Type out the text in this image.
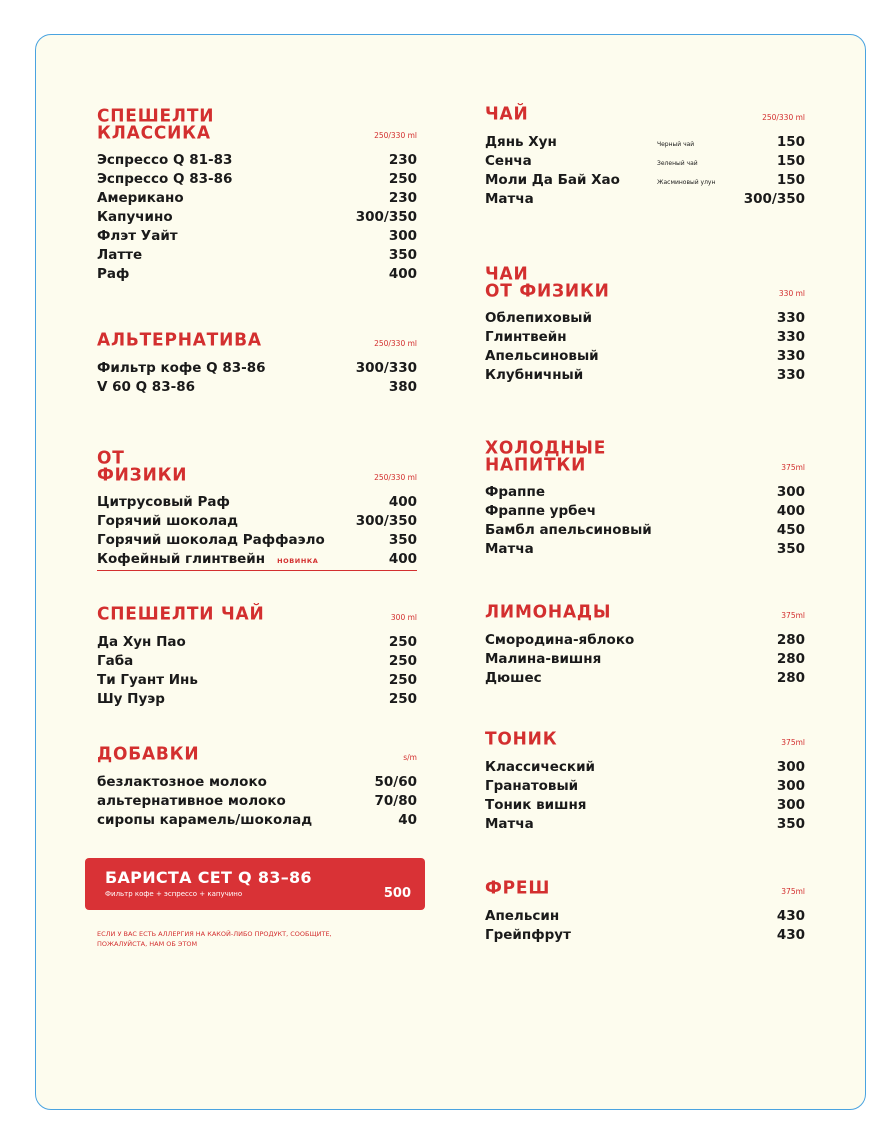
СПЕШЕЛТИ
КЛАССИКА	250/330 ml
Эспрессо Q 81-83	230
Эспрессо Q 83-86	250
Американо	230
Капучино	300/350
Флэт Уайт	300
Латте	350
Раф	400
АЛЬТЕРНАТИВА	250/330 ml
Фильтр кофе Q 83-86	300/330
V 60 Q 83-86	380
ОТ
ФИЗИКИ	250/330 ml
Цитрусовый Раф	400
Горячий шоколад	300/350
Горячий шоколад Раффаэло	350
Кофейный глинтвейн НОВИНКА	400
СПЕШЕЛТИ ЧАЙ	300 ml
Да Хун Пао	250
Габа	250
Ти Гуант Инь	250
Шу Пуэр	250
ДОБАВКИ	s/m
безлактозное молоко	50/60
альтернативное молоко	70/80
сиропы карамель/шоколад	40
ЧАЙ	250/330 ml
Дянь Хун	Черный чай	150
Сенча	Зеленый чай	150
Моли Да Бай Хао	Жасминовый улун	150
Матча	300/350
ЧАИ
ОТ ФИЗИКИ	330 ml
Облепиховый	330
Глинтвейн	330
Апельсиновый	330
Клубничный	330
ХОЛОДНЫЕ
НАПИТКИ	375ml
Фраппе	300
Фраппе урбеч	400
Бамбл апельсиновый	450
Матча	350
ЛИМОНАДЫ	375ml
Смородина-яблоко	280
Малина-вишня	280
Дюшес	280
ТОНИК	375ml
Классический	300
Гранатовый	300
Тоник вишня	300
Матча	350
ФРЕШ	375ml
Апельсин	430
Грейпфрут	430
БАРИСТА СЕТ Q 83–86
Фильтр кофе + эспрессо + капучино	500
ЕСЛИ У ВАС ЕСТЬ АЛЛЕРГИЯ НА КАКОЙ-ЛИБО ПРОДУКТ, СООБЩИТЕ, ПОЖАЛУЙСТА, НАМ ОБ ЭТОМ
